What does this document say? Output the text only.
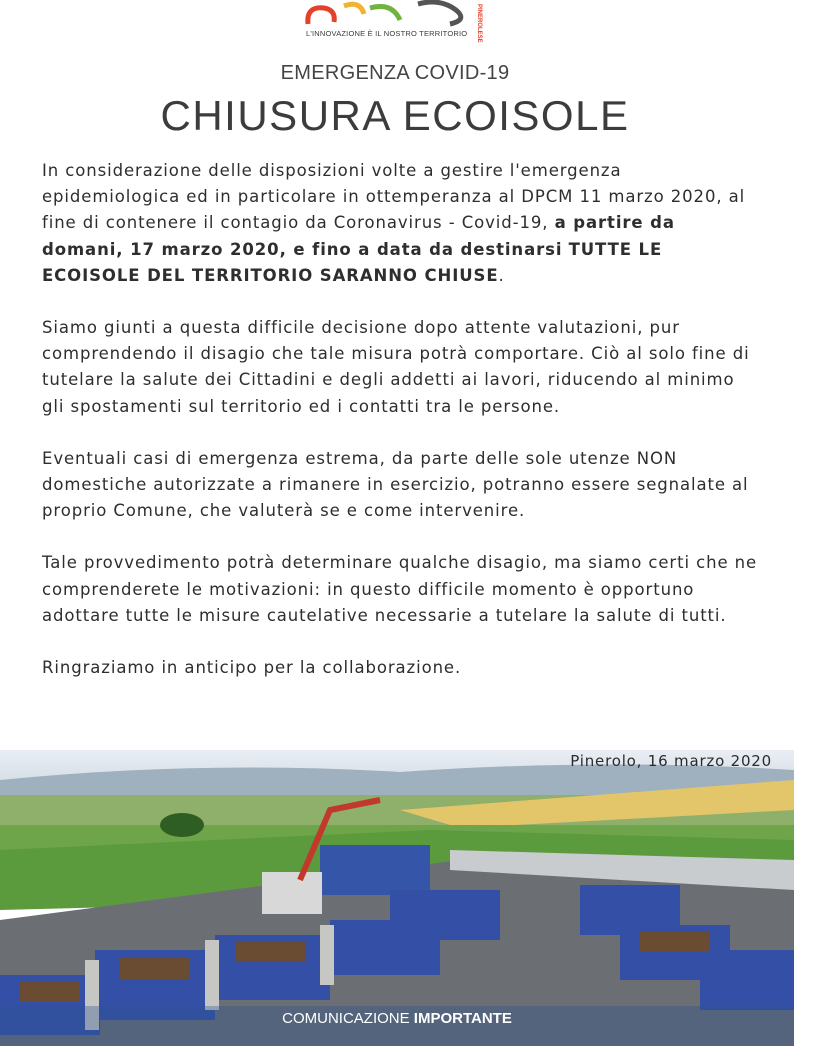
L'INNOVAZIONE È IL NOSTRO TERRITORIO PINEROLESE
EMERGENZA COVID-19
CHIUSURA ECOISOLE

In considerazione delle disposizioni volte a gestire l'emergenza epidemiologica ed in particolare in ottemperanza al DPCM 11 marzo 2020, al fine di contenere il contagio da Coronavirus - Covid-19, a partire da domani, 17 marzo 2020, e fino a data da destinarsi TUTTE LE ECOISOLE DEL TERRITORIO SARANNO CHIUSE.

Siamo giunti a questa difficile decisione dopo attente valutazioni, pur comprendendo il disagio che tale misura potrà comportare. Ciò al solo fine di tutelare la salute dei Cittadini e degli addetti ai lavori, riducendo al minimo gli spostamenti sul territorio ed i contatti tra le persone.

Eventuali casi di emergenza estrema, da parte delle sole utenze NON domestiche autorizzate a rimanere in esercizio, potranno essere segnalate al proprio Comune, che valuterà se e come intervenire.

Tale provvedimento potrà determinare qualche disagio, ma siamo certi che ne comprenderete le motivazioni: in questo difficile momento è opportuno adottare tutte le misure cautelative necessarie a tutelare la salute di tutti.

Ringraziamo in anticipo per la collaborazione.

Pinerolo, 16 marzo 2020
COMUNICAZIONE IMPORTANTE
